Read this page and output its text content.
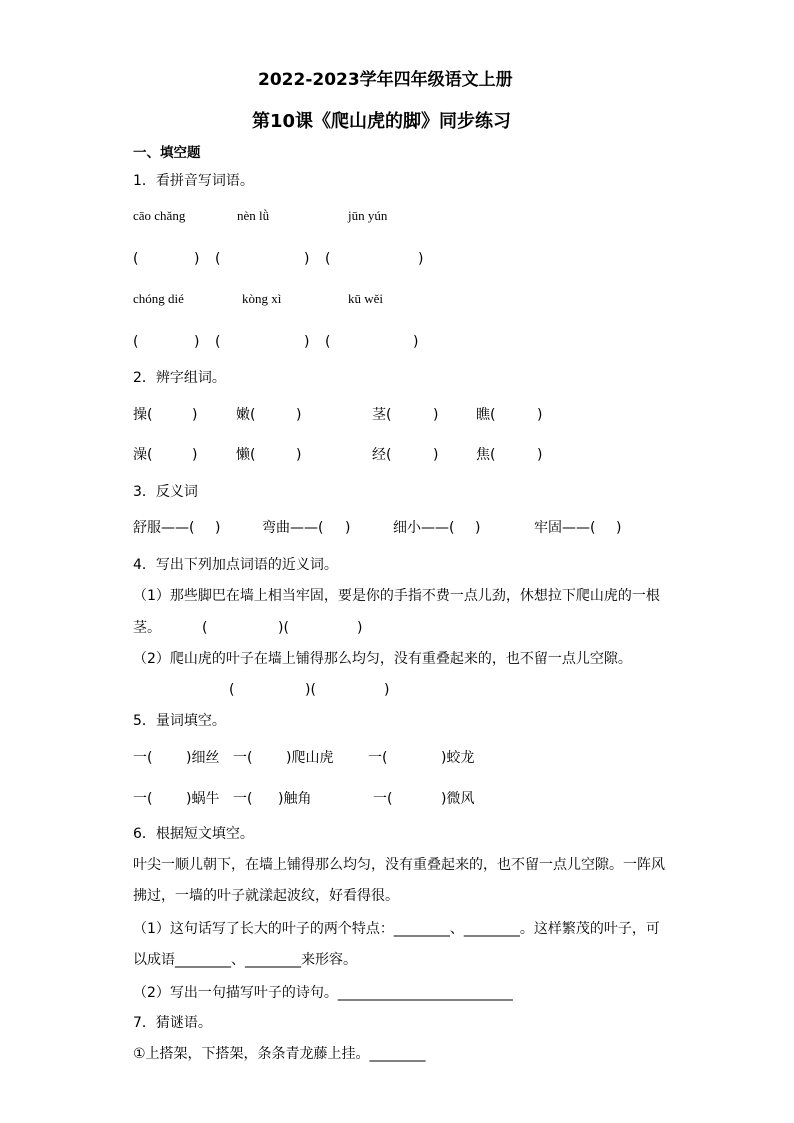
2022-2023学年四年级语文上册
第10课《爬山虎的脚》同步练习
一、填空题
1．看拼音写词语。
cāo chǎng	nèn lǜ	jūn yún
(	) (	) (	)
chóng dié	kòng xì	kū wěi
(	) (	) (	)
2．辨字组词。
操(	)	嫩(	)	茎(	)	瞧(	)
澡(	)	懒(	)	经(	)	焦(	)
3．反义词
舒服——( )	弯曲——( )	细小——( )	牢固——( )
4．写出下列加点词语的近义词。
（1）那些脚巴在墙上相当牢固，要是你的手指不费一点儿劲，休想拉下爬山虎的一根
茎。	(	)(	)
（2）爬山虎的叶子在墙上铺得那么均匀，没有重叠起来的，也不留一点儿空隙。
(	)(	)
5．量词填空。
一( )细丝 一( )爬山虎 一(	)蛟龙
一( )蜗牛 一( )触角	一(	)微风
6．根据短文填空。
叶尖一顺儿朝下，在墙上铺得那么均匀，没有重叠起来的，也不留一点儿空隙。一阵风
拂过，一墙的叶子就漾起波纹，好看得很。
（1）这句话写了长大的叶子的两个特点：________、________。这样繁茂的叶子，可
以成语________、________来形容。
（2）写出一句描写叶子的诗句。_________________________
7．猜谜语。
①上搭架，下搭架，条条青龙藤上挂。________
